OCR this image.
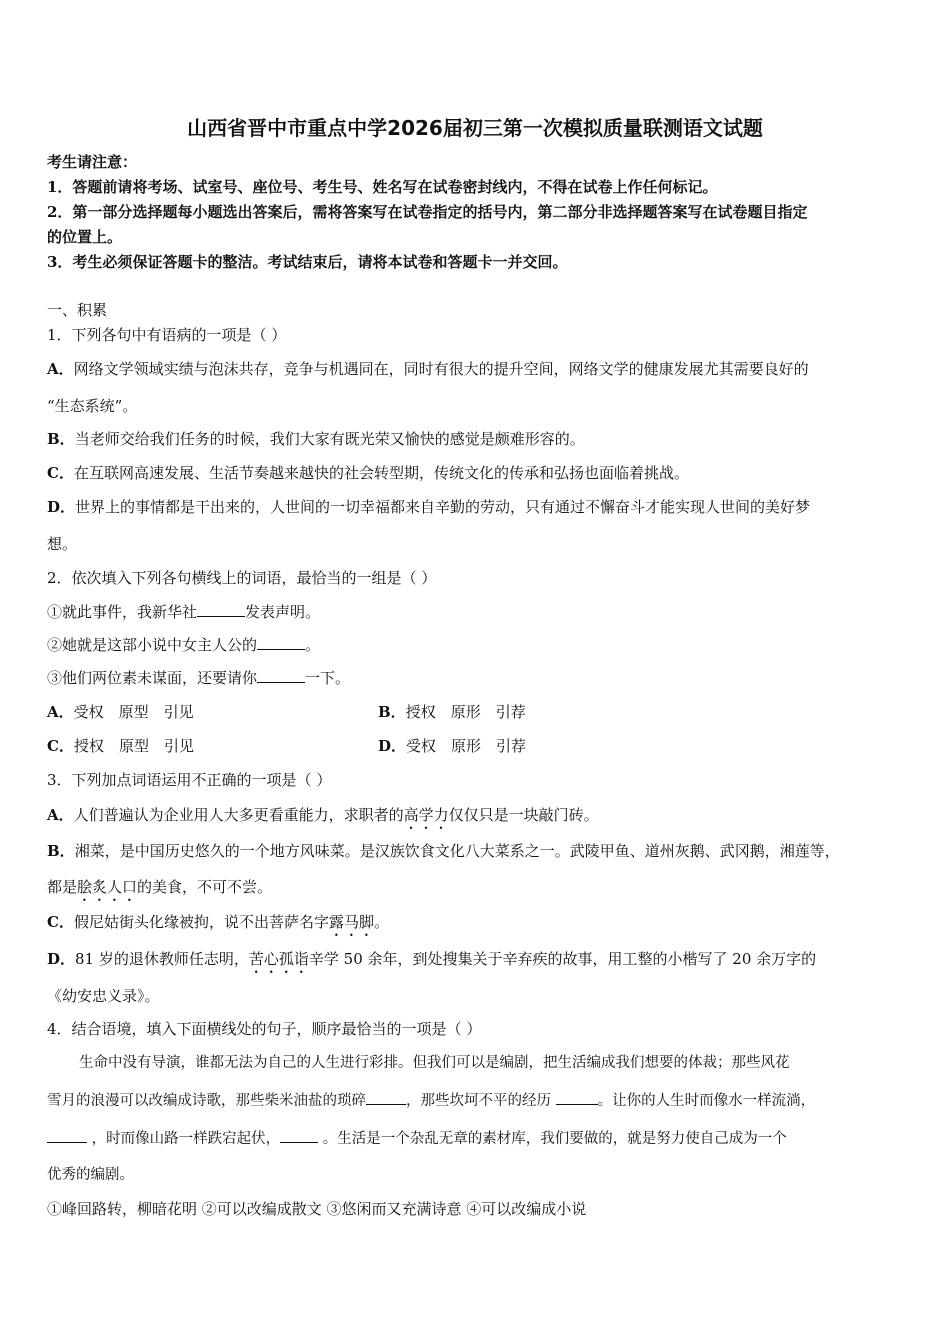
山西省晋中市重点中学2026届初三第一次模拟质量联测语文试题
考生请注意：
1．答题前请将考场、试室号、座位号、考生号、姓名写在试卷密封线内，不得在试卷上作任何标记。
2．第一部分选择题每小题选出答案后，需将答案写在试卷指定的括号内，第二部分非选择题答案写在试卷题目指定
的位置上。
3．考生必须保证答题卡的整洁。考试结束后，请将本试卷和答题卡一并交回。
一、积累
1．下列各句中有语病的一项是（ ）
A．网络文学领域实绩与泡沫共存，竞争与机遇同在，同时有很大的提升空间，网络文学的健康发展尤其需要良好的
“生态系统”。
B．当老师交给我们任务的时候，我们大家有既光荣又愉快的感觉是颇难形容的。
C．在互联网高速发展、生活节奏越来越快的社会转型期，传统文化的传承和弘扬也面临着挑战。
D．世界上的事情都是干出来的，人世间的一切幸福都来自辛勤的劳动，只有通过不懈奋斗才能实现人世间的美好梦
想。
2．依次填入下列各句横线上的词语，最恰当的一组是（ ）
①就此事件，我新华社	发表声明。
②她就是这部小说中女主人公的	。
③他们两位素未谋面，还要请你	一下。
A．受权　原型　引见	B．授权　原形　引荐
C．授权　原型　引见	D．受权　原形　引荐
3．下列加点词语运用不正确的一项是（ ）
A．人们普遍认为企业用人大多更看重能力，求职者的高学力仅仅只是一块敲门砖。
B．湘菜，是中国历史悠久的一个地方风味菜。是汉族饮食文化八大菜系之一。武陵甲鱼、道州灰鹅、武冈鹅，湘莲等，
都是脍炙人口的美食，不可不尝。
C．假尼姑街头化缘被拘，说不出菩萨名字露马脚。
D．81 岁的退休教师任志明，苦心孤诣辛学 50 余年，到处搜集关于辛弃疾的故事，用工整的小楷写了 20 余万字的
《幼安忠义录》。
4．结合语境，填入下面横线处的句子，顺序最恰当的一项是（ ）
生命中没有导演，谁都无法为自己的人生进行彩排。但我们可以是编剧，把生活编成我们想要的体裁；那些风花
雪月的浪漫可以改编成诗歌，那些柴米油盐的琐碎	，那些坎坷不平的经历	。让你的人生时而像水一样流淌，
，时而像山路一样跌宕起伏，	。生活是一个杂乱无章的素材库，我们要做的，就是努力使自己成为一个
优秀的编剧。
①峰回路转，柳暗花明 ②可以改编成散文 ③悠闲而又充满诗意 ④可以改编成小说
